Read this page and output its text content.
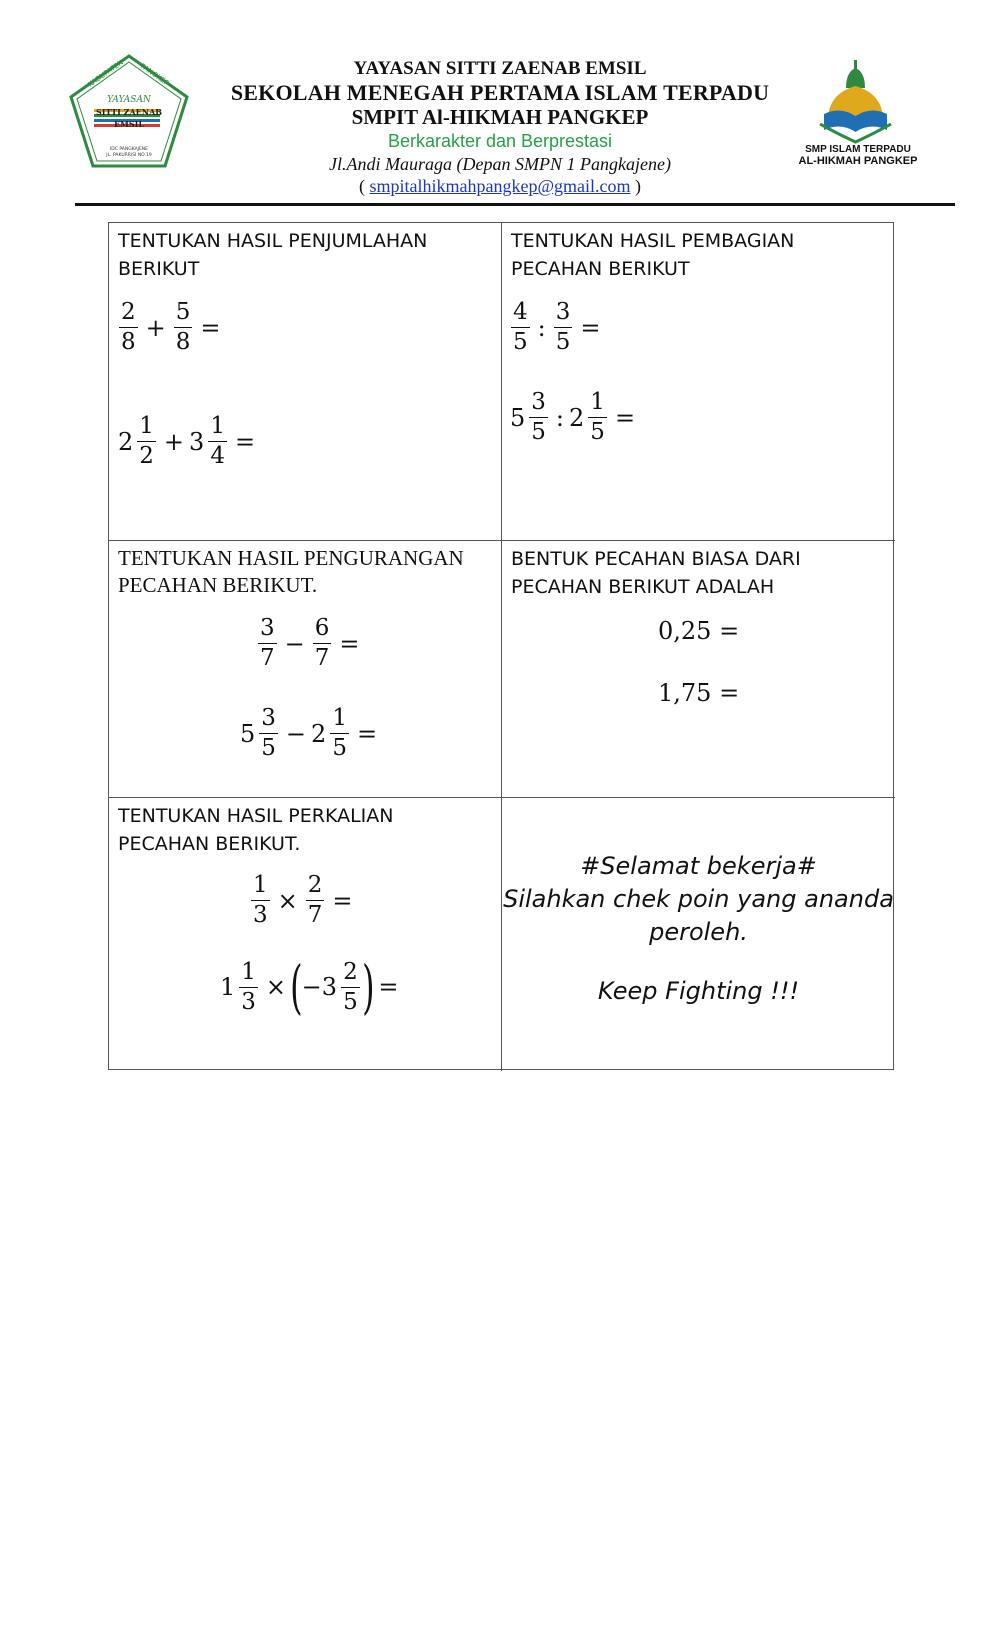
KABUPATEN PANGKEP
YAYASAN
SITTI ZAENAB
EMSIL
IDC PANGKAJENE
JL. PAKURRISI NO.19
YAYASAN SITTI ZAENAB EMSIL
SEKOLAH MENEGAH PERTAMA ISLAM TERPADU
SMPIT Al-HIKMAH PANGKEP
Berkarakter dan Berprestasi
Jl.Andi Mauraga (Depan SMPN 1 Pangkajene)
( smpitalhikmahpangkep@gmail.com )
SMP ISLAM TERPADU
AL-HIKMAH PANGKEP
TENTUKAN HASIL PENJUMLAHAN BERIKUT
$\frac{2}{8} + \frac{5}{8}$ =
$2 \frac{1}{2} + 3 \frac{1}{4}$ =
TENTUKAN HASIL PEMBAGIAN PECAHAN BERIKUT
$\frac{4}{5}$ : $\frac{3}{5}$ =
$5 \frac{3}{5}$ : $2 \frac{1}{5}$ =
TENTUKAN HASIL PENGURANGAN PECAHAN BERIKUT.
$\frac{3}{7} - \frac{6}{7}$ =
$5 \frac{3}{5} - 2 \frac{1}{5}$ =
BENTUK PECAHAN BIASA DARI PECAHAN BERIKUT ADALAH
0,25 =
1,75 =
TENTUKAN HASIL PERKALIAN PECAHAN BERIKUT.
$\frac{1}{3} \times \frac{2}{7}$ =
$1 \frac{1}{3}$ × ( $-3 \frac{2}{5}$ ) =
#Selamat bekerja#
Silahkan chek poin yang ananda
peroleh.
Keep Fighting !!!
